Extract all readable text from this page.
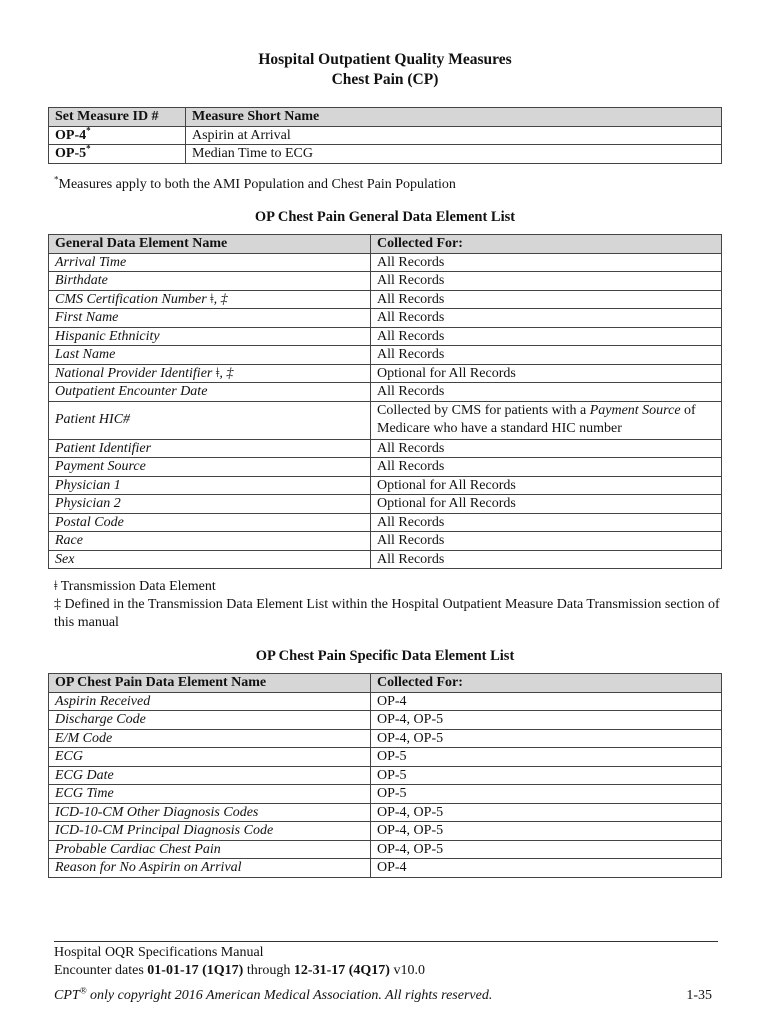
Hospital Outpatient Quality Measures
Chest Pain (CP)
Set Measure ID #	Measure Short Name
OP-4*	Aspirin at Arrival
OP-5*	Median Time to ECG
*Measures apply to both the AMI Population and Chest Pain Population
OP Chest Pain General Data Element List
General Data Element Name	Collected For:
Arrival Time	All Records
Birthdate	All Records
CMS Certification Number ǂ, ‡	All Records
First Name	All Records
Hispanic Ethnicity	All Records
Last Name	All Records
National Provider Identifier ǂ, ‡	Optional for All Records
Outpatient Encounter Date	All Records
Patient HIC#	Collected by CMS for patients with a Payment Source of Medicare who have a standard HIC number
Patient Identifier	All Records
Payment Source	All Records
Physician 1	Optional for All Records
Physician 2	Optional for All Records
Postal Code	All Records
Race	All Records
Sex	All Records
ǂ Transmission Data Element
‡ Defined in the Transmission Data Element List within the Hospital Outpatient Measure Data Transmission section of this manual
OP Chest Pain Specific Data Element List
OP Chest Pain Data Element Name	Collected For:
Aspirin Received	OP-4
Discharge Code	OP-4, OP-5
E/M Code	OP-4, OP-5
ECG	OP-5
ECG Date	OP-5
ECG Time	OP-5
ICD-10-CM Other Diagnosis Codes	OP-4, OP-5
ICD-10-CM Principal Diagnosis Code	OP-4, OP-5
Probable Cardiac Chest Pain	OP-4, OP-5
Reason for No Aspirin on Arrival	OP-4
Hospital OQR Specifications Manual
Encounter dates 01-01-17 (1Q17) through 12-31-17 (4Q17) v10.0
CPT® only copyright 2016 American Medical Association. All rights reserved.	1-35
